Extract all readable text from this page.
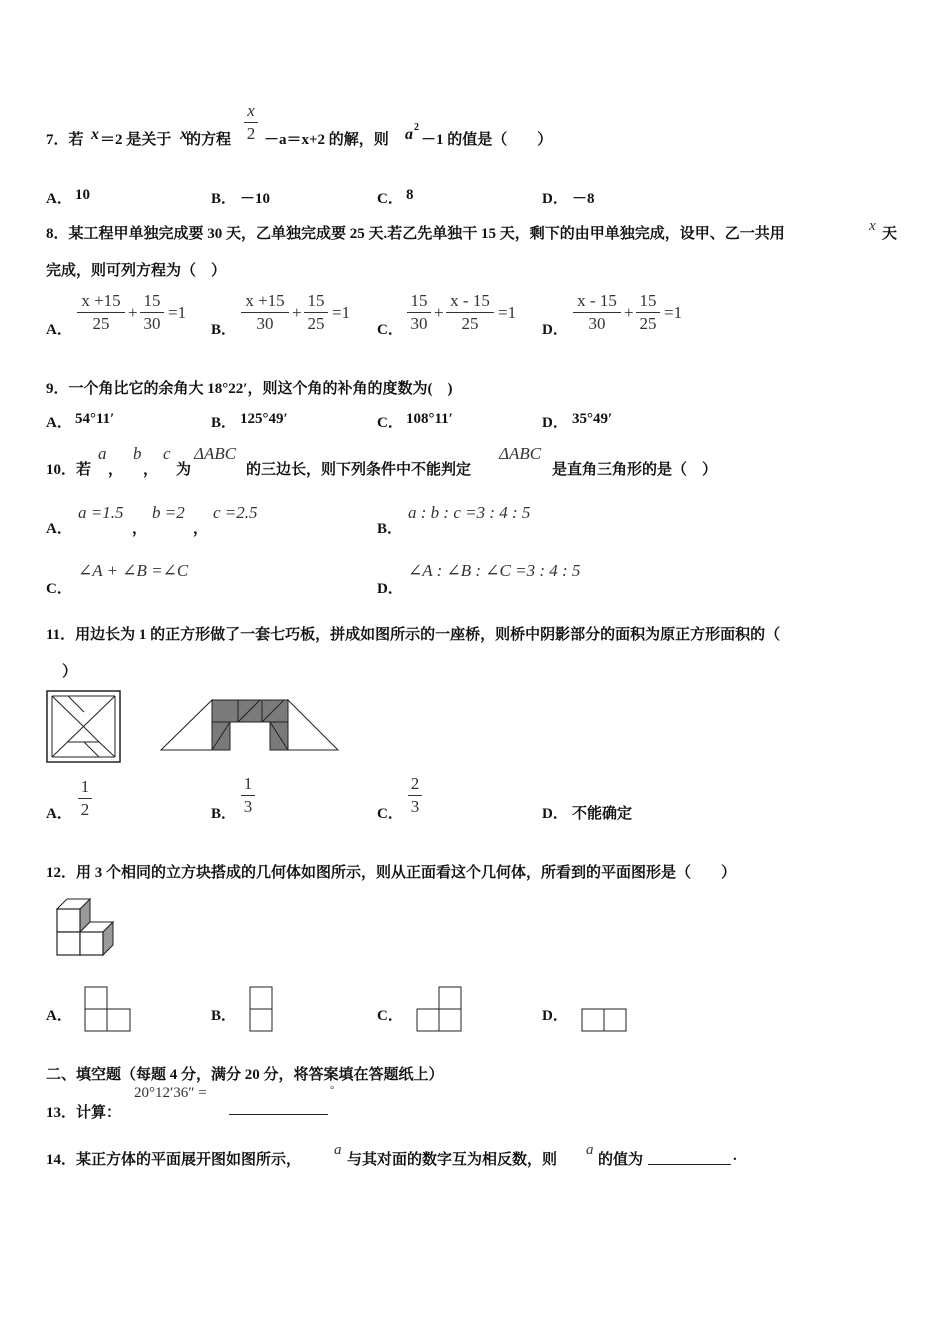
7．若 x ＝2 是关于 x
的方程
x
2 －a＝x+2 的解，则 a 2
－1 的值是（　　）
A． 10	B． －10	C． 8	D． －8
8．某工程甲单独完成要 30 天，乙单独完成要 25 天.若乙先单独干 15 天，剩下的由甲单独完成，设甲、乙一共用	x 天
完成，则可列方程为（　）
A．
x +15
25
+
15
30
=1
B．
x +15
30
+
15
25
=1
C．
15
30
+
x - 15
25
=1
D．
x - 15
30
+
15
25
=1
9．一个角比它的余角大 18°22′，则这个角的补角的度数为(　)
A． 54°11′	B． 125°49′	C． 108°11′	D． 35°49′
10．若
a
，
b
，
c
为
ΔABC
的三边长，则下列条件中不能判定
ΔABC
是直角三角形的是（　）
A．
a =1.5
，
b =2
，
c =2.5
B．
a : b : c =3 : 4 : 5
C．
∠A + ∠B =∠C
D．
∠A : ∠B : ∠C =3 : 4 : 5
11．用边长为 1 的正方形做了一套七巧板，拼成如图所示的一座桥，则桥中阴影部分的面积为原正方形面积的（
）
A．
1
2	B．
1
3	C．
2
3	D． 不能确定
12．用 3 个相同的立方块搭成的几何体如图所示，则从正面看这个几何体，所看到的平面图形是（　　）
A．	B．	C．	D．
二、填空题（每题 4 分，满分 20 分，将答案填在答题纸上）
13．计算：
20°12′36″ =	°
14．某正方体的平面展开图如图所示，
a
与其对面的数字互为相反数，则
a
的值为	.
